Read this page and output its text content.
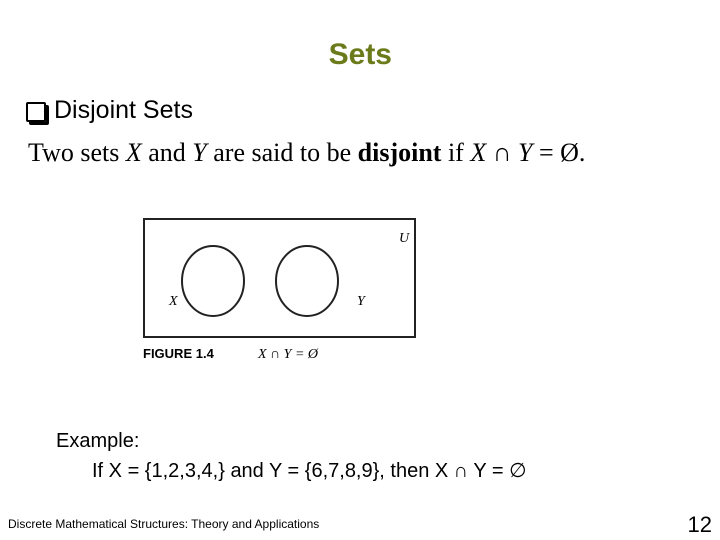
Sets
Disjoint Sets
Two sets X and Y are said to be disjoint if X ∩ Y = Ø.
U
X	Y
FIGURE 1.4	X ∩ Y = Ø
Example:
If X = {1,2,3,4,} and Y = {6,7,8,9}, then X ∩ Y = ∅
Discrete Mathematical Structures: Theory and Applications	12
